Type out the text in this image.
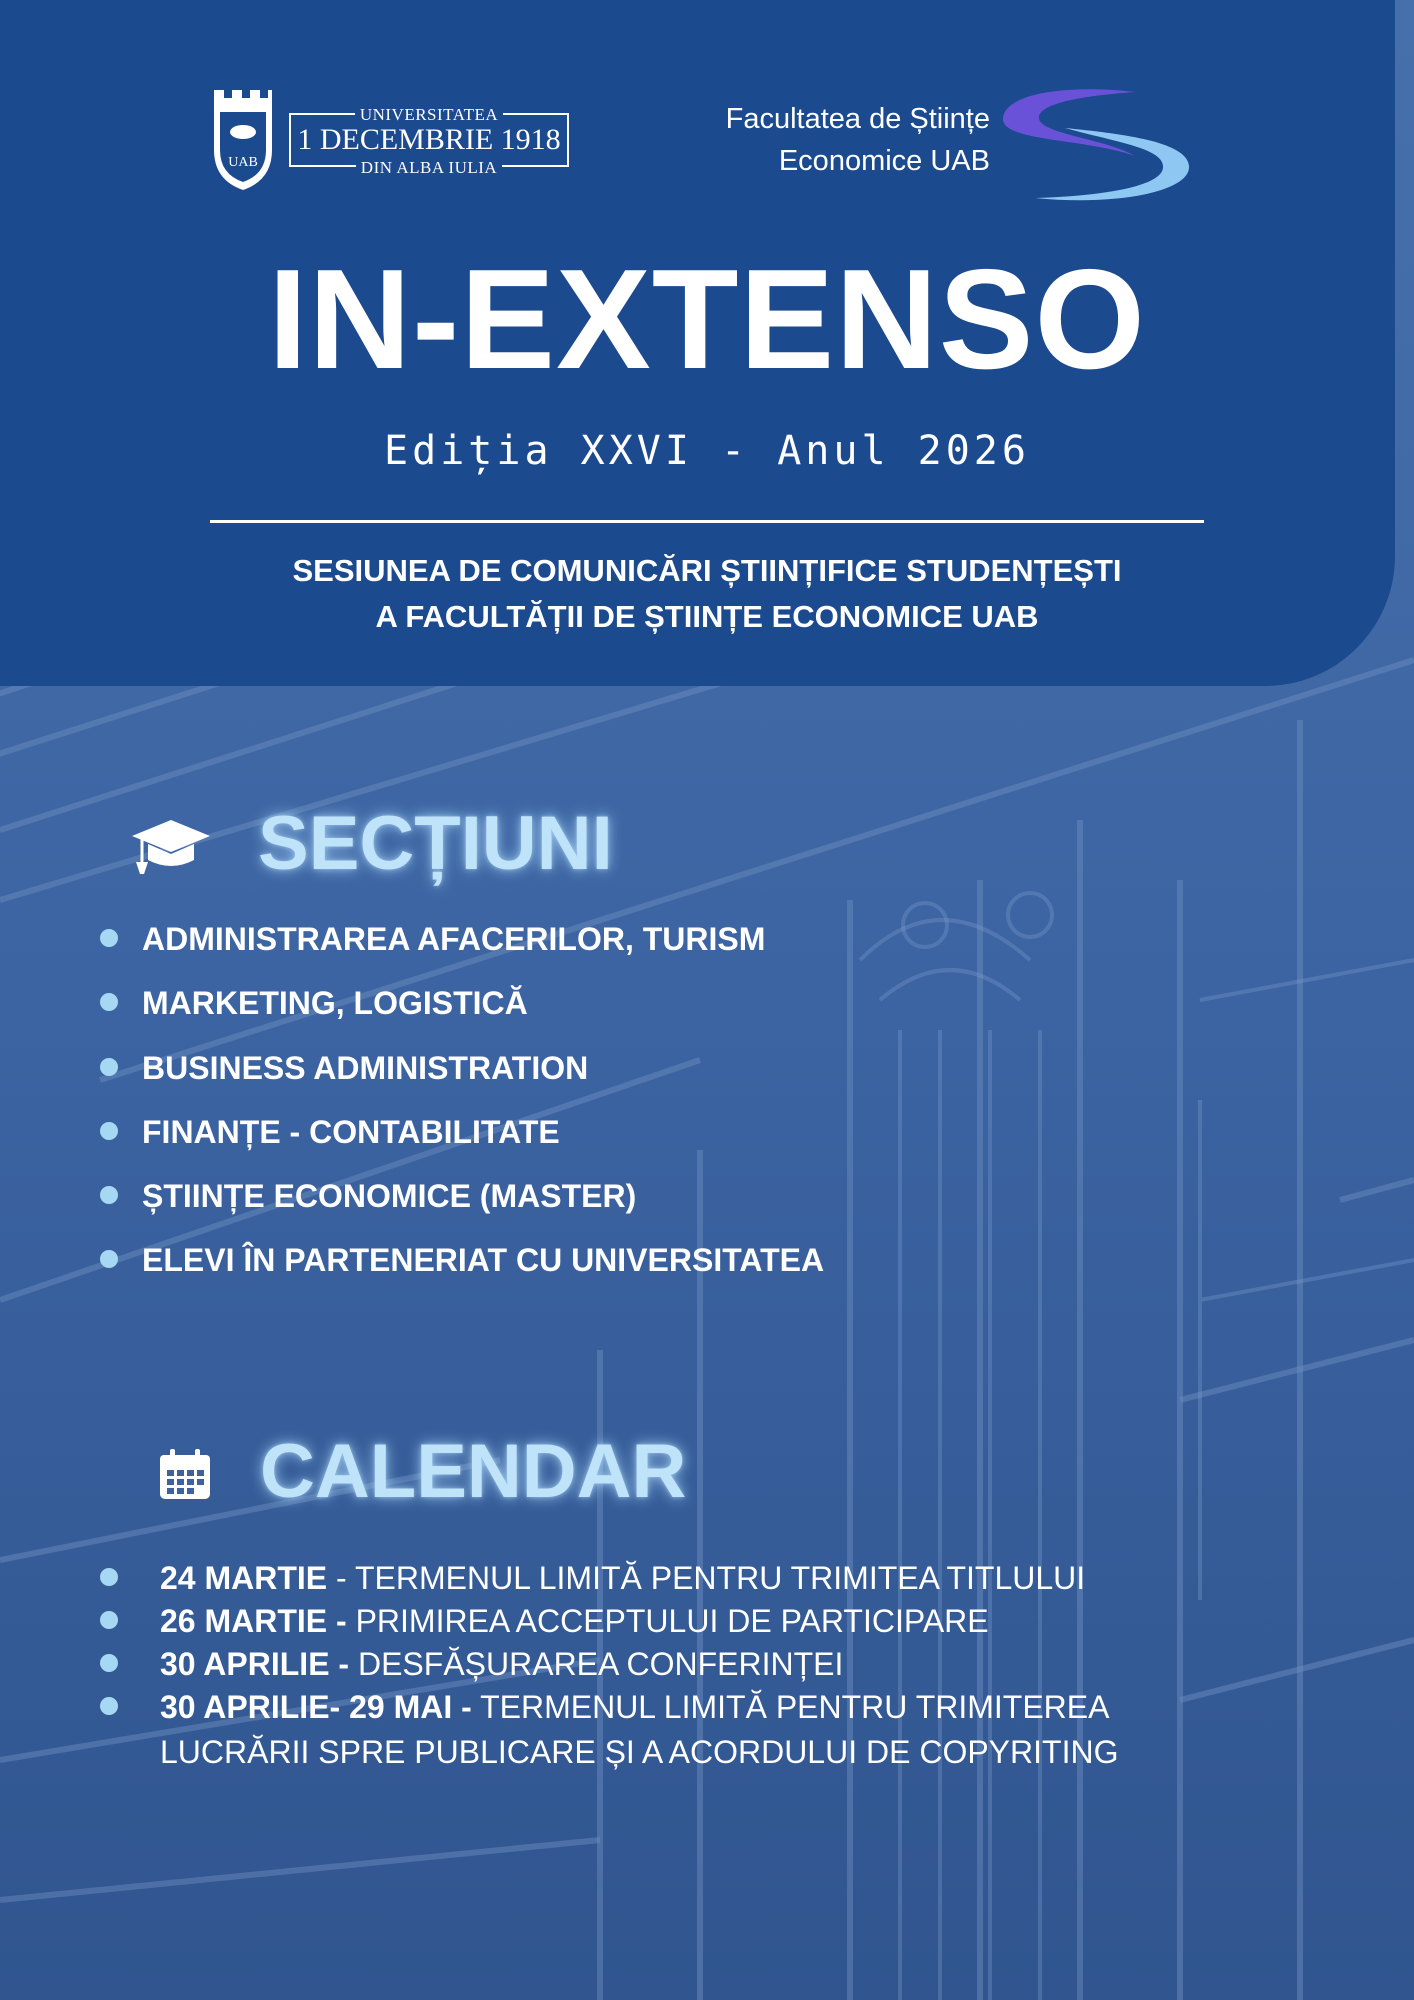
UAB
UNIVERSITATEA
1 DECEMBRIE 1918
DIN ALBA IULIA
Facultatea de Științe
Economice UAB
IN-EXTENSO
Ediția XXVI - Anul 2026
SESIUNEA DE COMUNICĂRI ȘTIINȚIFICE STUDENȚEȘTI
A FACULTĂȚII DE ȘTIINȚE ECONOMICE UAB
SECȚIUNI
ADMINISTRAREA AFACERILOR, TURISM
MARKETING, LOGISTICĂ
BUSINESS ADMINISTRATION
FINANȚE - CONTABILITATE
ȘTIINȚE ECONOMICE (MASTER)
ELEVI ÎN PARTENERIAT CU UNIVERSITATEA
CALENDAR
24 MARTIE - TERMENUL LIMITĂ PENTRU TRIMITEA TITLULUI
26 MARTIE - PRIMIREA ACCEPTULUI DE PARTICIPARE
30 APRILIE - DESFĂȘURAREA CONFERINȚEI
30 APRILIE- 29 MAI - TERMENUL LIMITĂ PENTRU TRIMITEREA
LUCRĂRII SPRE PUBLICARE ȘI A ACORDULUI DE COPYRITING
